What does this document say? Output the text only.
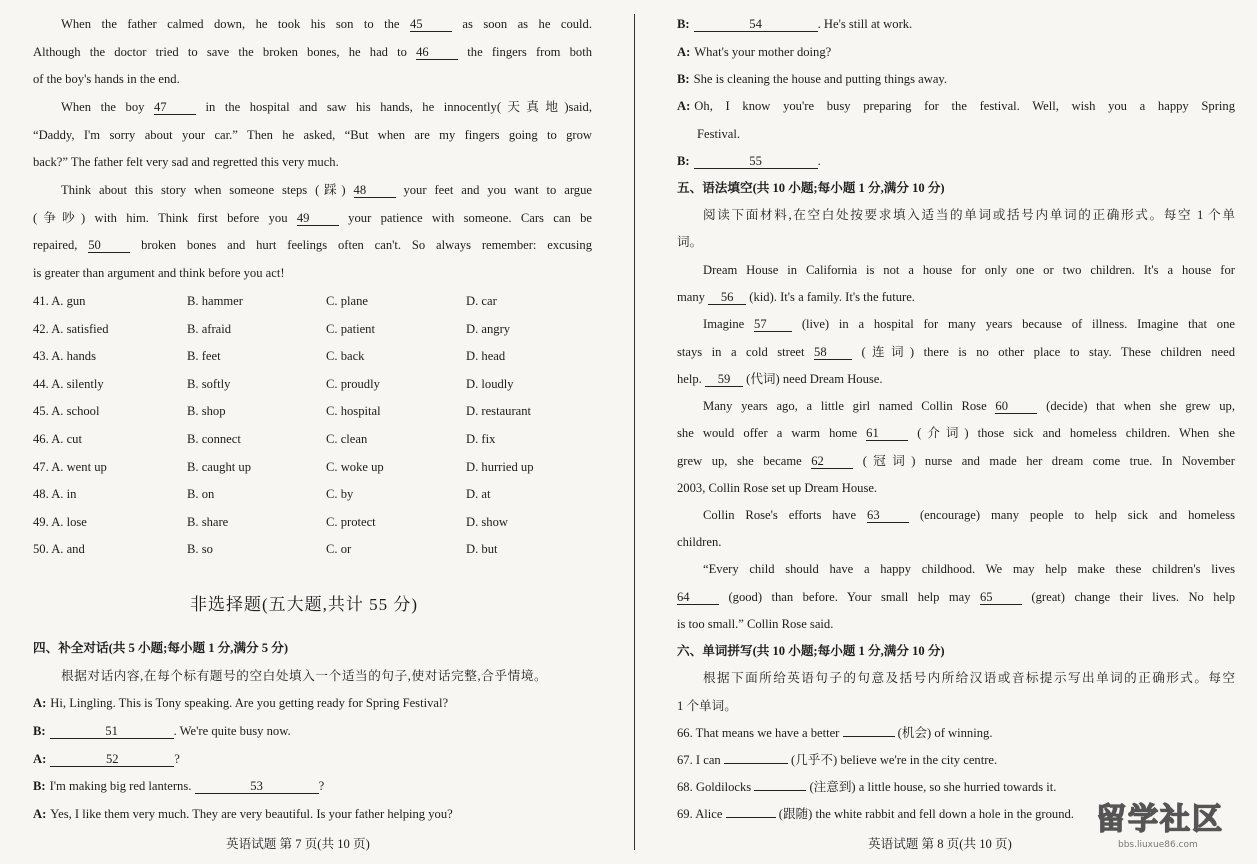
When the father calmed down, he took his son to the 45 as soon as he could.
Although the doctor tried to save the broken bones, he had to 46 the fingers from both
of the boy's hands in the end.
When the boy 47 in the hospital and saw his hands, he innocently(天真地)said,
“Daddy, I'm sorry about your car.” Then he asked, “But when are my fingers going to grow
back?” The father felt very sad and regretted this very much.
Think about this story when someone steps (踩) 48 your feet and you want to argue
(争吵) with him. Think first before you 49 your patience with someone. Cars can be
repaired, 50 broken bones and hurt feelings often can't. So always remember: excusing
is greater than argument and think before you act!
41. A. gun	B. hammer	C. plane	D. car
42. A. satisfied	B. afraid	C. patient	D. angry
43. A. hands	B. feet	C. back	D. head
44. A. silently	B. softly	C. proudly	D. loudly
45. A. school	B. shop	C. hospital	D. restaurant
46. A. cut	B. connect	C. clean	D. fix
47. A. went up	B. caught up	C. woke up	D. hurried up
48. A. in	B. on	C. by	D. at
49. A. lose	B. share	C. protect	D. show
50. A. and	B. so	C. or	D. but
非选择题(五大题,共计 55 分)
四、补全对话(共 5 小题;每小题 1 分,满分 5 分)
根据对话内容,在每个标有题号的空白处填入一个适当的句子,使对话完整,合乎情境。
A: Hi, Lingling. This is Tony speaking. Are you getting ready for Spring Festival?
B:	51	. We're quite busy now.
A:	52	?
B: I'm making big red lanterns.	53	?
A: Yes, I like them very much. They are very beautiful. Is your father helping you?
英语试题 第 7 页(共 10 页)
B:	54	. He's still at work.
A: What's your mother doing?
B: She is cleaning the house and putting things away.
A: Oh, I know you're busy preparing for the festival. Well, wish you a happy Spring
Festival.
B:	55	.
五、语法填空(共 10 小题;每小题 1 分,满分 10 分)
阅读下面材料,在空白处按要求填入适当的单词或括号内单词的正确形式。每空 1 个单
词。
Dream House in California is not a house for only one or two children. It's a house for
many 56 (kid). It's a family. It's the future.
Imagine 57 (live) in a hospital for many years because of illness. Imagine that one
stays in a cold street 58 (连词) there is no other place to stay. These children need
help. 59 (代词) need Dream House.
Many years ago, a little girl named Collin Rose 60 (decide) that when she grew up,
she would offer a warm home 61 (介词) those sick and homeless children. When she
grew up, she became 62 (冠词) nurse and made her dream come true. In November
2003, Collin Rose set up Dream House.
Collin Rose's efforts have 63 (encourage) many people to help sick and homeless
children.
“Every child should have a happy childhood. We may help make these children's lives
64 (good) than before. Your small help may 65 (great) change their lives. No help
is too small.” Collin Rose said.
六、单词拼写(共 10 小题;每小题 1 分,满分 10 分)
根据下面所给英语句子的句意及括号内所给汉语或音标提示写出单词的正确形式。每空
1 个单词。
66. That means we have a better	(机会) of winning.
67. I can	(几乎不) believe we're in the city centre.
68. Goldilocks	(注意到) a little house, so she hurried towards it.
69. Alice	(跟随) the white rabbit and fell down a hole in the ground.
英语试题 第 8 页(共 10 页)
留学社区
bbs.liuxue86.com
